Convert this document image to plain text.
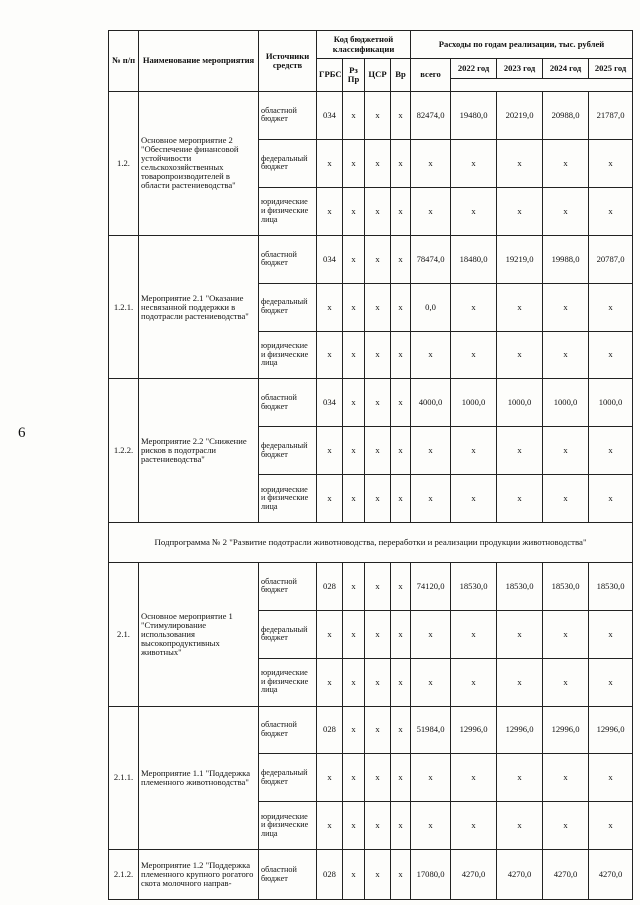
6
№ п/п	Наименование мероприятия	Источники средств	Код бюджетной классификации				Расходы по годам реализации, тыс. рублей				
			ГРБС	Рз Пр	ЦСР	Вр	всего	2022 год	2023 год	2024 год	2025 год

1.2.	Основное мероприятие 2 "Обеспечение финансовой устойчивости сельскохозяйственных товаропроизводителей в области растениеводства"	областной бюджет	034	x	x	x	82474,0	19480,0	20219,0	20988,0	21787,0
		федеральный бюджет	x	x	x	x	x	x	x	x	x
		юридические и физические лица	x	x	x	x	x	x	x	x	x
1.2.1.	Мероприятие 2.1 "Оказание несвязанной поддержки в подотрасли растениеводства"	областной бюджет	034	x	x	x	78474,0	18480,0	19219,0	19988,0	20787,0
		федеральный бюджет	x	x	x	x	0,0	x	x	x	x
		юридические и физические лица	x	x	x	x	x	x	x	x	x
1.2.2.	Мероприятие 2.2 "Снижение рисков в подотрасли растениеводства"	областной бюджет	034	x	x	x	4000,0	1000,0	1000,0	1000,0	1000,0
		федеральный бюджет	x	x	x	x	x	x	x	x	x
		юридические и физические лица	x	x	x	x	x	x	x	x	x
Подпрограмма № 2 "Развитие подотрасли животноводства, переработки и реализации продукции животноводства"											
2.1.	Основное мероприятие 1 "Стимулирование использования высокопродуктивных животных"	областной бюджет	028	x	x	x	74120,0	18530,0	18530,0	18530,0	18530,0
		федеральный бюджет	x	x	x	x	x	x	x	x	x
		юридические и физические лица	x	x	x	x	x	x	x	x	x
2.1.1.	Мероприятие 1.1 "Поддержка племенного животноводства"	областной бюджет	028	x	x	x	51984,0	12996,0	12996,0	12996,0	12996,0
		федеральный бюджет	x	x	x	x	x	x	x	x	x
		юридические и физические лица	x	x	x	x	x	x	x	x	x
2.1.2.	Мероприятие 1.2 "Поддержка племенного крупного рогатого скота молочного направ-	областной бюджет	028	x	x	x	17080,0	4270,0	4270,0	4270,0	4270,0
